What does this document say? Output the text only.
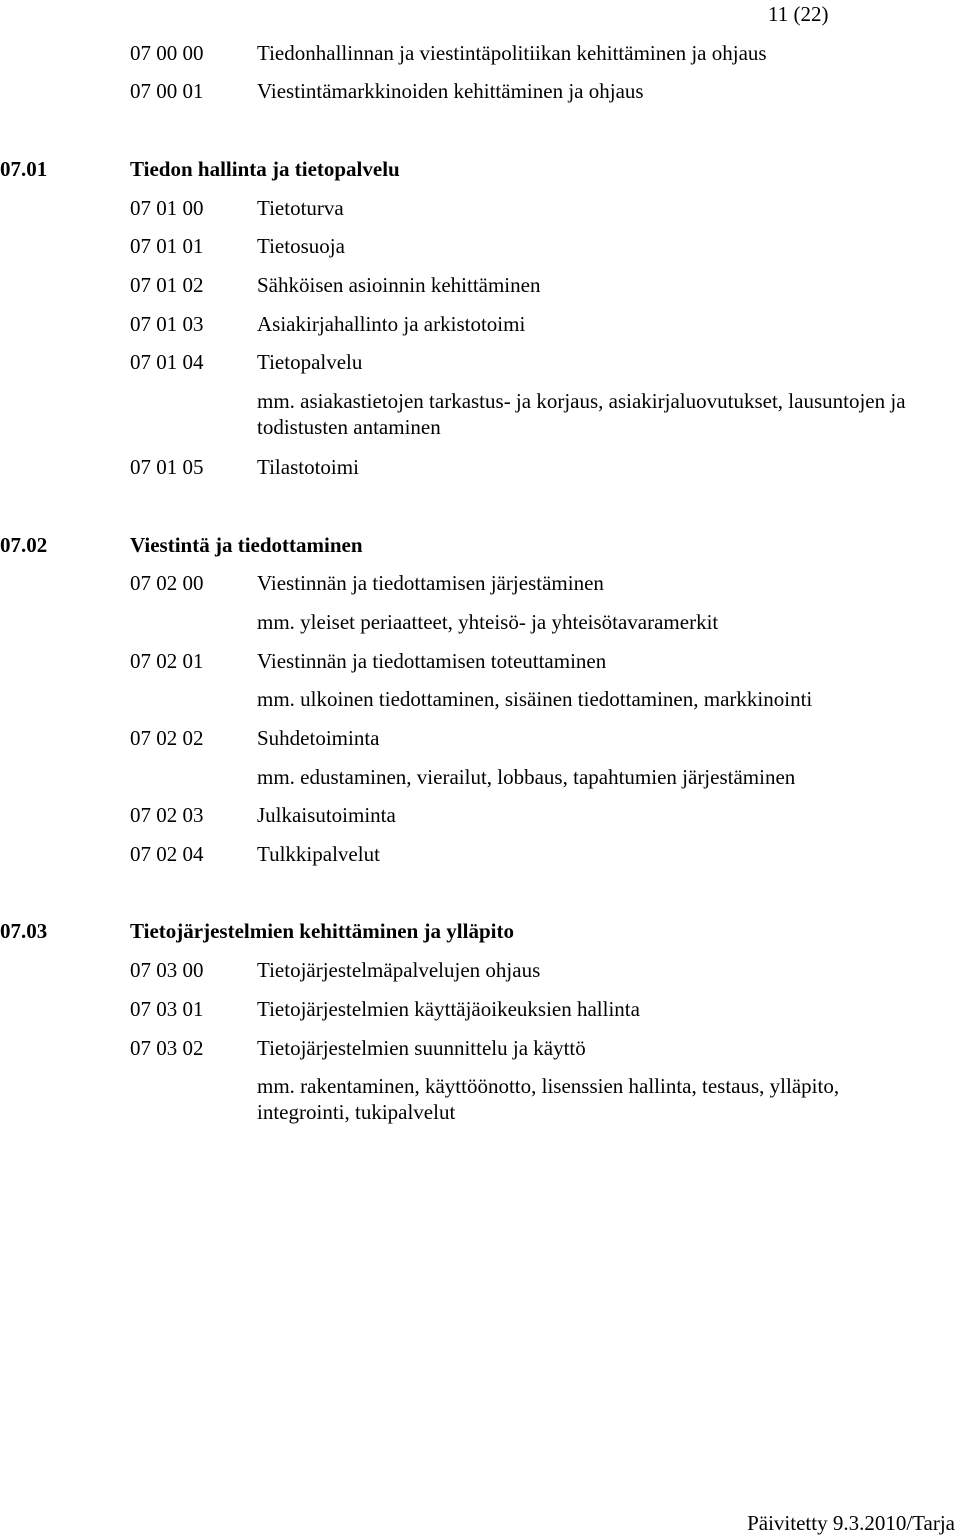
11 (22)
07 00 00	Tiedonhallinnan ja viestintäpolitiikan kehittäminen ja ohjaus
07 00 01	Viestintämarkkinoiden kehittäminen ja ohjaus
07.01	Tiedon hallinta ja tietopalvelu
07 01 00	Tietoturva
07 01 01	Tietosuoja
07 01 02	Sähköisen asioinnin kehittäminen
07 01 03	Asiakirjahallinto ja arkistotoimi
07 01 04	Tietopalvelu
mm. asiakastietojen tarkastus- ja korjaus, asiakirjaluovutukset, lausuntojen ja todistusten antaminen
07 01 05	Tilastotoimi
07.02	Viestintä ja tiedottaminen
07 02 00	Viestinnän ja tiedottamisen järjestäminen
mm. yleiset periaatteet, yhteisö- ja yhteisötavaramerkit
07 02 01	Viestinnän ja tiedottamisen toteuttaminen
mm. ulkoinen tiedottaminen, sisäinen tiedottaminen, markkinointi
07 02 02	Suhdetoiminta
mm. edustaminen, vierailut, lobbaus, tapahtumien järjestäminen
07 02 03	Julkaisutoiminta
07 02 04	Tulkkipalvelut
07.03	Tietojärjestelmien kehittäminen ja ylläpito
07 03 00	Tietojärjestelmäpalvelujen ohjaus
07 03 01	Tietojärjestelmien käyttäjäoikeuksien hallinta
07 03 02	Tietojärjestelmien suunnittelu ja käyttö
mm. rakentaminen, käyttöönotto, lisenssien hallinta, testaus, ylläpito, integrointi, tukipalvelut
Päivitetty 9.3.2010/Tarja
